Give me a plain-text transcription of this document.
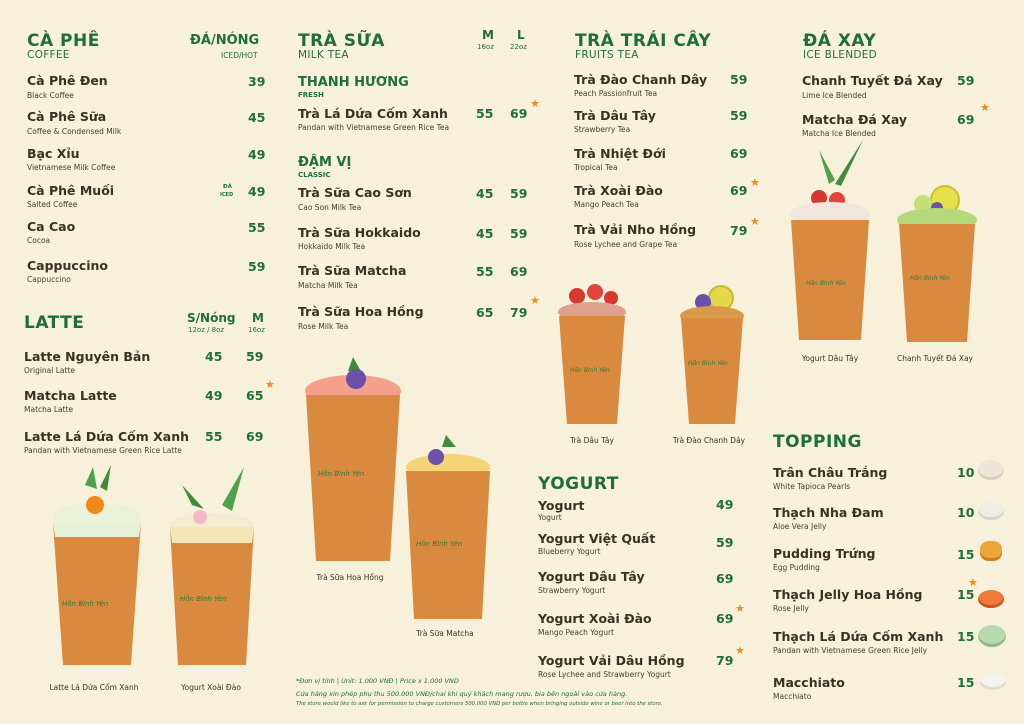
CÀ PHÊ
COFFEE
ĐÁ/NÓNG
ICED/HOT
Cà Phê Đen
Black Coffee
39
Cà Phê Sữa
Coffee & Condensed Milk
45
Bạc Xỉu
Vietnamese Milk Coffee
49
Cà Phê Muối
Salted Coffee
ĐÁ
ICED 49
Ca Cao
Cocoa
55
Cappuccino
Cappuccino
59
LATTE	S/Nóng
12oz / 8oz
M
16oz
Latte Nguyên Bản
Original Latte
45 59
Matcha Latte
Matcha Latte
49 65
★
Latte Lá Dứa Cốm Xanh
Pandan with Vietnamese Green Rice Latte
55 69
TRÀ SỮA
MILK TEA
M
16oz
L
22oz
THANH HƯƠNG
FRESH
Trà Lá Dứa Cốm Xanh
Pandan with Vietnamese Green Rice Tea
55 69
★
ĐẬM VỊ
CLASSIC
Trà Sữa Cao Sơn
Cao Son Milk Tea
45 59
Trà Sữa Hokkaido
Hokkaido Milk Tea
45 59
Trà Sữa Matcha
Matcha Milk Tea
55 69
Trà Sữa Hoa Hồng
Rose Milk Tea
65 79
★
TRÀ TRÁI CÂY
FRUITS TEA
Trà Đào Chanh Dây
Peach Passionfruit Tea
59
Trà Dâu Tây
Strawberry Tea
59
Trà Nhiệt Đới
Tropical Tea
69
Trà Xoài Đào
Mango Peach Tea
69
★
Trà Vải Nho Hồng
Rose Lychee and Grape Tea
79
★
ĐÁ XAY
ICE BLENDED
Chanh Tuyết Đá Xay
Lime Ice Blended
59
Matcha Đá Xay
Matcha Ice Blended
69
★
YOGURT
Yogurt
Yogurt
49
Yogurt Việt Quất
Blueberry Yogurt
59
Yogurt Dâu Tây
Strawberry Yogurt
69
Yogurt Xoài Đào
Mango Peach Yogurt
69
★
Yogurt Vải Dâu Hồng
Rose Lychee and Strawberry Yogurt
79
★
TOPPING
Trân Châu Trắng
White Tapioca Pearls
10
Thạch Nha Đam
Aloe Vera Jelly
10
Pudding Trứng
Egg Pudding
15
Thạch Jelly Hoa Hồng
Rose Jelly
15
★
Thạch Lá Dứa Cốm Xanh
Pandan with Vietnamese Green Rice Jelly
15
Macchiato
Macchiato
15
Hồn Bình Yên
Latte Lá Dứa Cốm Xanh
Hồn Bình Yên
Yogurt Xoài Đào
Hồn Bình Yên
Trà Sữa Hoa Hồng
Hồn Bình Yên
Trà Sữa Matcha
Hồn Bình Yên
Trà Dâu Tây
Hồn Bình Yên
Trà Đào Chanh Dây
Hồn Bình Yên
Yogurt Dâu Tây
Hồn Bình Yên
Chanh Tuyết Đá Xay
*Đơn vị tính | Unit: 1.000 VNĐ | Price x 1.000 VND
Cửa hàng xin phép phụ thu 500.000 VNĐ/chai khi quý khách mang rượu, bia bên ngoài vào cửa hàng.
The store would like to ask for permission to charge customers 500,000 VND per bottle when bringing outside wine or beer into the store.
